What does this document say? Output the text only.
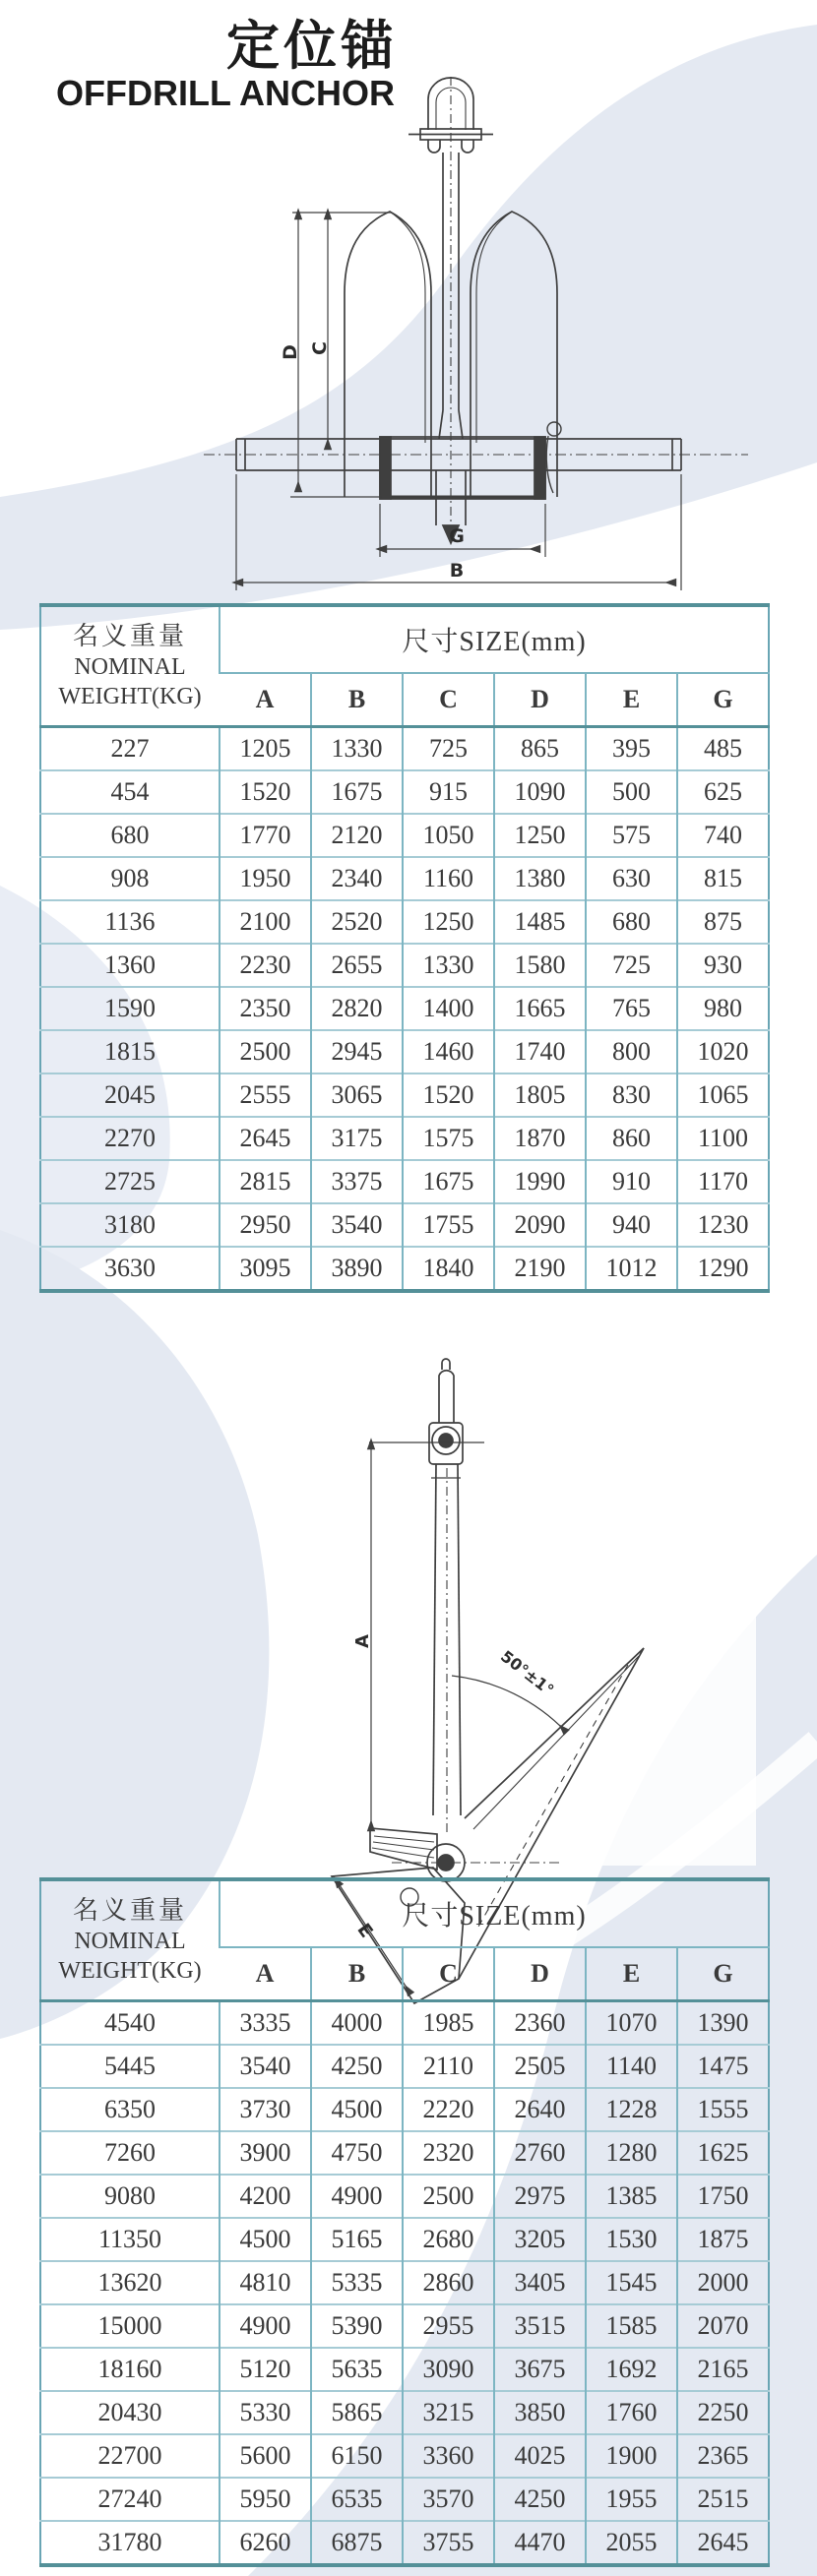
定位锚
OFFDRILL ANCHOR
D C
G
B
名义重量
NOMINAL
WEIGHT(KG)	尺寸SIZE(mm)					
	A	B	C	D	E	G
227	1205	1330	725	865	395	485
454	1520	1675	915	1090	500	625
680	1770	2120	1050	1250	575	740
908	1950	2340	1160	1380	630	815
1136	2100	2520	1250	1485	680	875
1360	2230	2655	1330	1580	725	930
1590	2350	2820	1400	1665	765	980
1815	2500	2945	1460	1740	800	1020
2045	2555	3065	1520	1805	830	1065
2270	2645	3175	1575	1870	860	1100
2725	2815	3375	1675	1990	910	1170
3180	2950	3540	1755	2090	940	1230
3630	3095	3890	1840	2190	1012	1290
A
E
50°±1°
名义重量
NOMINAL
WEIGHT(KG)	尺寸SIZE(mm)					
	A	B	C	D	E	G
4540	3335	4000	1985	2360	1070	1390
5445	3540	4250	2110	2505	1140	1475
6350	3730	4500	2220	2640	1228	1555
7260	3900	4750	2320	2760	1280	1625
9080	4200	4900	2500	2975	1385	1750
11350	4500	5165	2680	3205	1530	1875
13620	4810	5335	2860	3405	1545	2000
15000	4900	5390	2955	3515	1585	2070
18160	5120	5635	3090	3675	1692	2165
20430	5330	5865	3215	3850	1760	2250
22700	5600	6150	3360	4025	1900	2365
27240	5950	6535	3570	4250	1955	2515
31780	6260	6875	3755	4470	2055	2645
